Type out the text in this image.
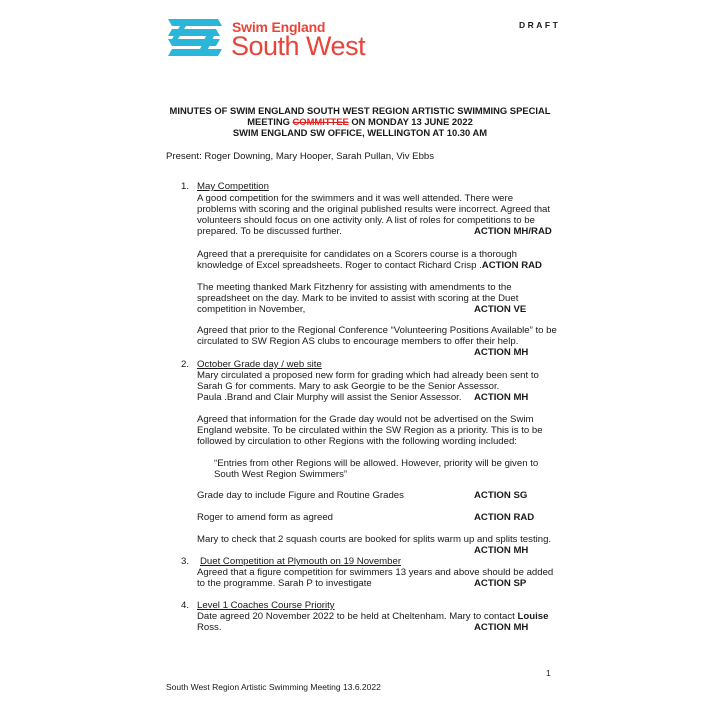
Swim England
South West
DRAFT
MINUTES OF SWIM ENGLAND SOUTH WEST REGION ARTISTIC SWIMMING SPECIAL
MEETING COMMITTEE ON MONDAY 13 JUNE 2022
SWIM ENGLAND SW OFFICE, WELLINGTON AT 10.30 AM
Present: Roger Downing, Mary Hooper, Sarah Pullan, Viv Ebbs
1. May Competition
A good competition for the swimmers and it was well attended. There were
problems with scoring and the original published results were incorrect. Agreed that
volunteers should focus on one activity only. A list of roles for competitions to be
prepared. To be discussed further.	ACTION MH/RAD
Agreed that a prerequisite for candidates on a Scorers course is a thorough
knowledge of Excel spreadsheets. Roger to contact Richard Crisp .ACTION RAD
The meeting thanked Mark Fitzhenry for assisting with amendments to the
spreadsheet on the day. Mark to be invited to assist with scoring at the Duet
competition in November,	ACTION VE
Agreed that prior to the Regional Conference “Volunteering Positions Available” to be
circulated to SW Region AS clubs to encourage members to offer their help.
ACTION MH
2. October Grade day / web site
Mary circulated a proposed new form for grading which had already been sent to
Sarah G for comments. Mary to ask Georgie to be the Senior Assessor.
Paula .Brand and Clair Murphy will assist the Senior Assessor.	ACTION MH
Agreed that information for the Grade day would not be advertised on the Swim
England website. To be circulated within the SW Region as a priority. This is to be
followed by circulation to other Regions with the following wording included:
“Entries from other Regions will be allowed. However, priority will be given to
South West Region Swimmers”
Grade day to include Figure and Routine Grades	ACTION SG
Roger to amend form as agreed	ACTION RAD
Mary to check that 2 squash courts are booked for splits warm up and splits testing.
ACTION MH
3. Duet Competition at Plymouth on 19 November
Agreed that a figure competition for swimmers 13 years and above should be added
to the programme. Sarah P to investigate	ACTION SP
4. Level 1 Coaches Course Priority
Date agreed 20 November 2022 to be held at Cheltenham. Mary to contact Louise
Ross.	ACTION MH
1
South West Region Artistic Swimming Meeting 13.6.2022
